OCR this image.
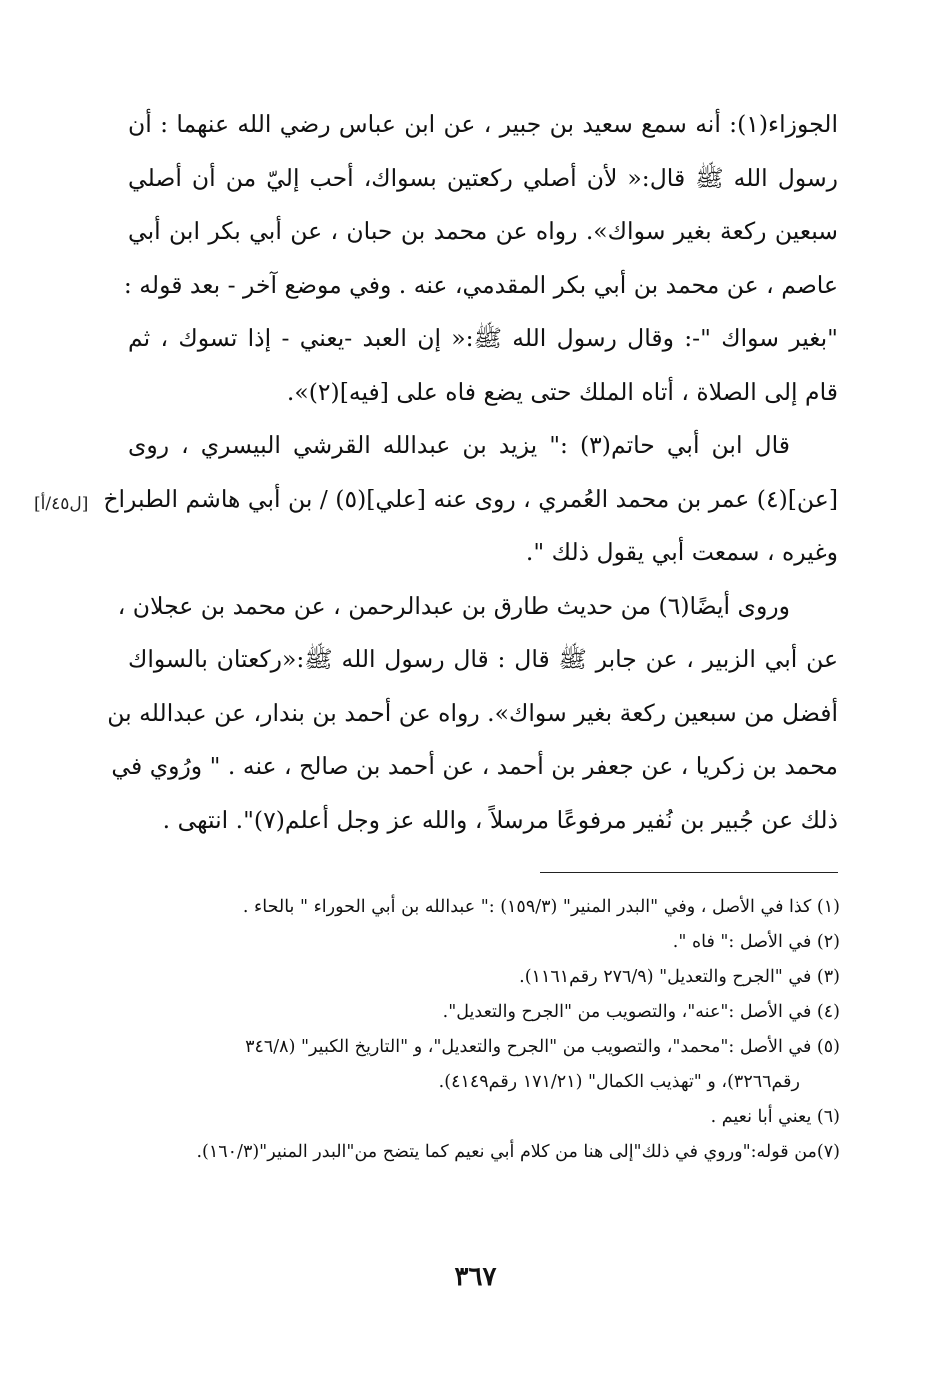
الجوزاء(١): أنه سمع سعيد بن جبير ، عن ابن عباس رضي الله عنهما : أن
رسول الله ﷺ قال:« لأن أصلي ركعتين بسواك، أحب إليّ من أن أصلي
سبعين ركعة بغير سواك». رواه عن محمد بن حبان ، عن أبي بكر ابن أبي
عاصم ، عن محمد بن أبي بكر المقدمي، عنه . وفي موضع آخر - بعد قوله :
"بغير سواك "-: وقال رسول الله ﷺ:« إن العبد -يعني - إذا تسوك ، ثم
قام إلى الصلاة ، أتاه الملك حتى يضع فاه على [فيه](٢)».
قال ابن أبي حاتم(٣) :" يزيد بن عبدالله القرشي البيسري ، روى
[عن](٤) عمر بن محمد العُمري ، روى عنه [علي](٥) / بن أبي هاشم الطبراخ
وغيره ، سمعت أبي يقول ذلك ".
وروى أيضًا(٦) من حديث طارق بن عبدالرحمن ، عن محمد بن عجلان ،
عن أبي الزبير ، عن جابر ﷺ قال : قال رسول الله ﷺ:«ركعتان بالسواك
أفضل من سبعين ركعة بغير سواك». رواه عن أحمد بن بندار، عن عبدالله بن
محمد بن زكريا ، عن جعفر بن أحمد ، عن أحمد بن صالح ، عنه . " ورُوي في
ذلك عن جُبير بن نُفير مرفوعًا مرسلاً ، والله عز وجل أعلم(٧)". انتهى .
[ل٤٥/أ]
(١) كذا في الأصل ، وفي "البدر المنير" (١٥٩/٣) :" عبدالله بن أبي الحوراء " بالحاء .
(٢) في الأصل :" فاه ".
(٣) في "الجرح والتعديل" (٢٧٦/٩ رقم١١٦١).
(٤) في الأصل :"عنه"، والتصويب من "الجرح والتعديل".
(٥) في الأصل :"محمد"، والتصويب من "الجرح والتعديل"، و "التاريخ الكبير" (٣٤٦/٨
رقم٣٢٦٦)، و "تهذيب الكمال" (١٧١/٢١ رقم٤١٤٩).
(٦) يعني أبا نعيم .
(٧)من قوله:"وروي في ذلك"إلى هنا من كلام أبي نعيم كما يتضح من"البدر المنير"(١٦٠/٣).
٣٦٧
